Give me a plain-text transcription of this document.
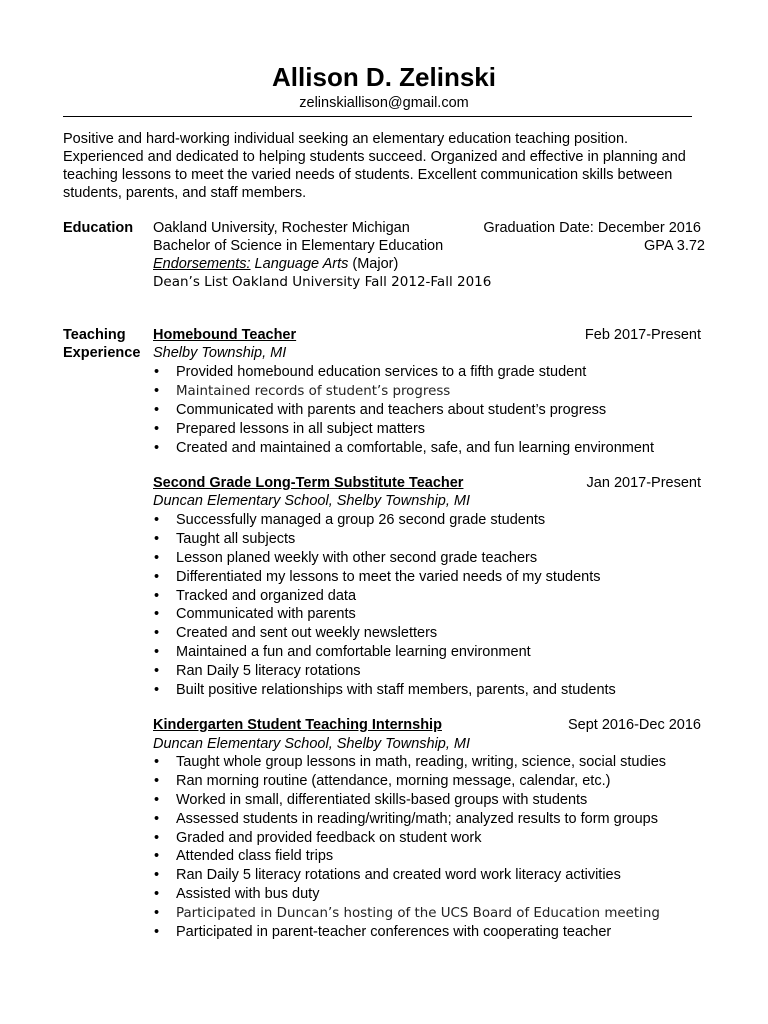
Allison D. Zelinski
zelinskiallison@gmail.com

Positive and hard-working individual seeking an elementary education teaching position. Experienced and dedicated to helping students succeed. Organized and effective in planning and teaching lessons to meet the varied needs of students. Excellent communication skills between students, parents, and staff members.

Education Oakland University, Rochester Michigan	Graduation Date: December 2016
Bachelor of Science in Elementary Education	GPA 3.72
Endorsements: Language Arts (Major)
Dean’s List Oakland University Fall 2012-Fall 2016
Teaching
Experience
Homebound Teacher	Feb 2017-Present
Shelby Township, MI
• Provided homebound education services to a fifth grade student
• Maintained records of student’s progress
• Communicated with parents and teachers about student’s progress
• Prepared lessons in all subject matters
• Created and maintained a comfortable, safe, and fun learning environment
Second Grade Long-Term Substitute Teacher	Jan 2017-Present
Duncan Elementary School, Shelby Township, MI
• Successfully managed a group 26 second grade students
• Taught all subjects
• Lesson planed weekly with other second grade teachers
• Differentiated my lessons to meet the varied needs of my students
• Tracked and organized data
• Communicated with parents
• Created and sent out weekly newsletters
• Maintained a fun and comfortable learning environment
• Ran Daily 5 literacy rotations
• Built positive relationships with staff members, parents, and students
Kindergarten Student Teaching Internship	Sept 2016-Dec 2016
Duncan Elementary School, Shelby Township, MI
• Taught whole group lessons in math, reading, writing, science, social studies
• Ran morning routine (attendance, morning message, calendar, etc.)
• Worked in small, differentiated skills-based groups with students
• Assessed students in reading/writing/math; analyzed results to form groups
• Graded and provided feedback on student work
• Attended class field trips
• Ran Daily 5 literacy rotations and created word work literacy activities
• Assisted with bus duty
• Participated in Duncan’s hosting of the UCS Board of Education meeting
• Participated in parent-teacher conferences with cooperating teacher
